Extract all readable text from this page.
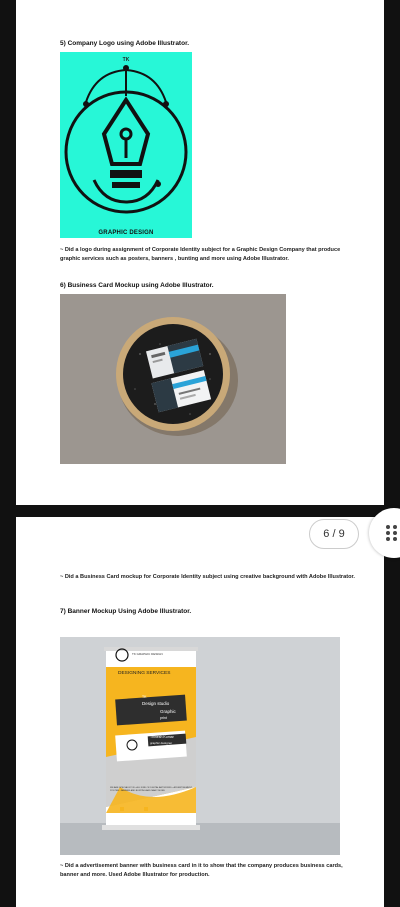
5) Company Logo using Adobe Illustrator.
TK
GRAPHIC DESIGN
~ Did a logo during assignment of Corporate Identity subject for a Graphic Design Company that produce graphic services such as posters, banners , bunting and more using Adobe Illustrator.
6) Business Card Mockup using Adobe Illustrator.
~ Did a Business Card mockup for Corporate Identity subject using creative background with Adobe Illustrator.
7) Banner Mockup Using Adobe Illustrator.
TK GRAPHIC DESIGN
DESIGNING SERVICES
TK
Design studio
Graphic
print
Thinesh Kumar
graphic designer
WE ARE SPECIALIST IN • ALL KIND OF DIGITAL ARTWORKS • ADVERTISEMENT POSTER • BANNER AND BUNTING AND MANY MORE
~ Did a advertisement banner with business card in it to show that the company produces business cards, banner and more. Used Adobe Illustrator for production.
6 / 9
